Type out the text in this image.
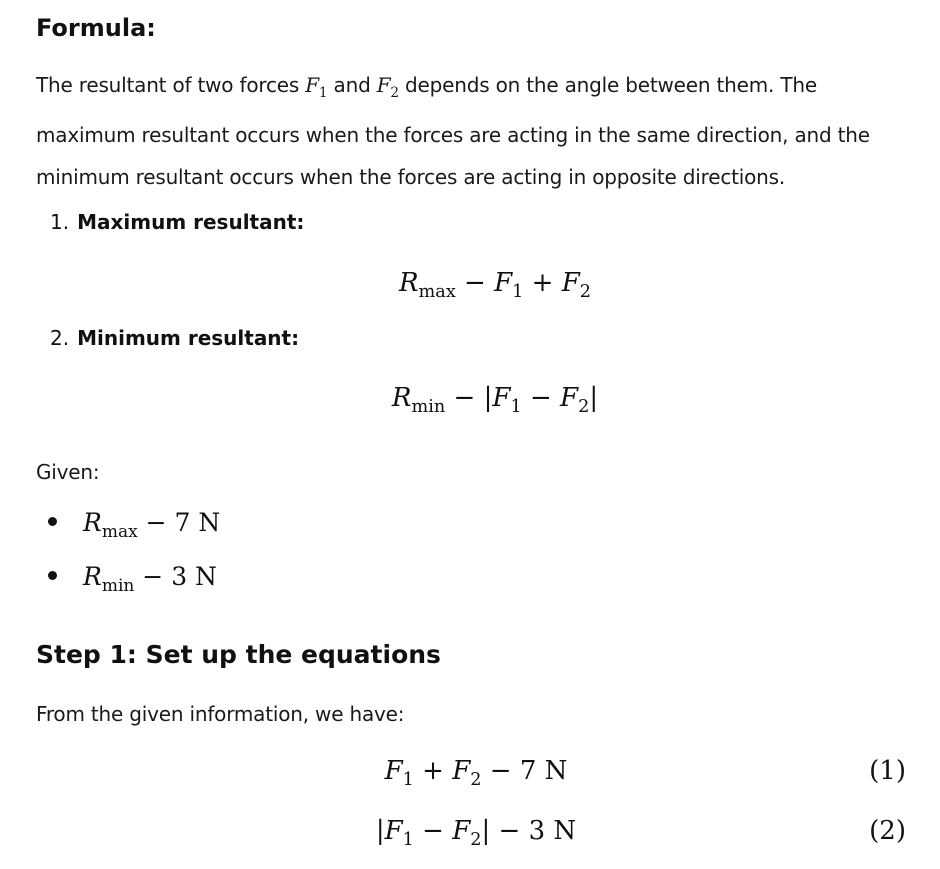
Formula:

The resultant of two forces $F_1$ and $F_2$ depends on the angle between them. The maximum resultant occurs when the forces are acting in the same direction, and the minimum resultant occurs when the forces are acting in opposite directions.

1. Maximum resultant:
$R_{max} - F_1 + F_2$
2. Minimum resultant:
$R_{min} - |F_1 - F_2|$

Given:

$R_{max} - 7$ N
$R_{min} - 3$ N
Step 1: Set up the equations

From the given information, we have:

$F_1 + F_2 - 7$ N	(1)
$|F_1 - F_2| - 3$ N	(2)
